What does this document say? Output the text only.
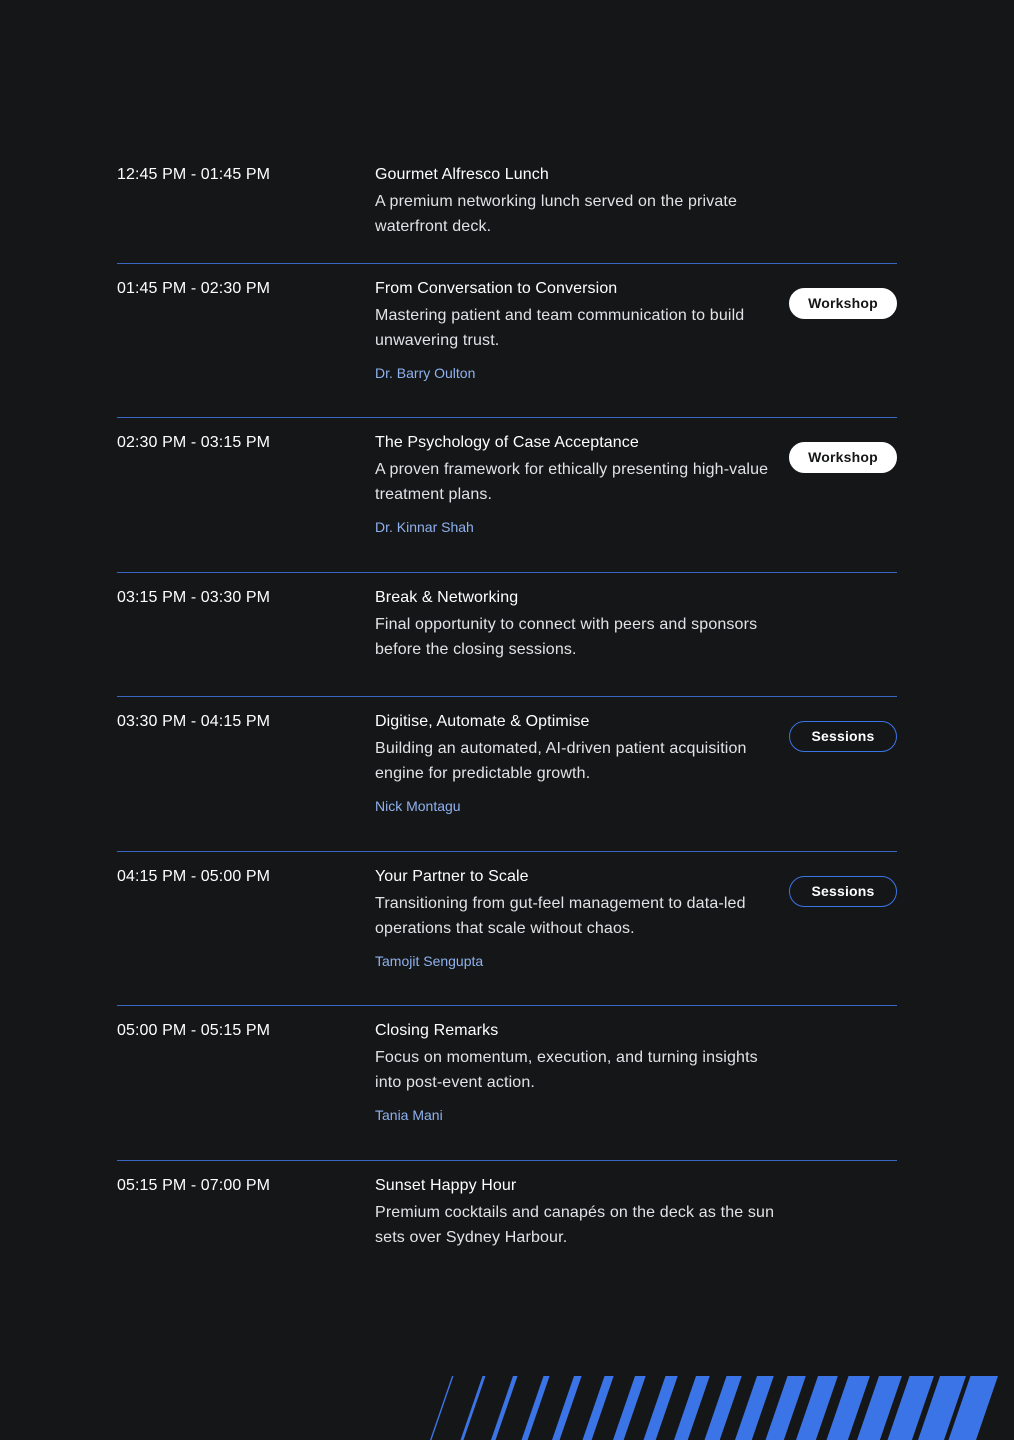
12:45 PM - 01:45 PM	Gourmet Alfresco Lunch
A premium networking lunch served on the private waterfront deck.
01:45 PM - 02:30 PM	From Conversation to Conversion
Mastering patient and team communication to build unwavering trust.
Dr. Barry Oulton
Workshop
02:30 PM - 03:15 PM	The Psychology of Case Acceptance
A proven framework for ethically presenting high-value treatment plans.
Dr. Kinnar Shah
Workshop
03:15 PM - 03:30 PM	Break & Networking
Final opportunity to connect with peers and sponsors before the closing sessions.
03:30 PM - 04:15 PM	Digitise, Automate & Optimise
Building an automated, AI-driven patient acquisition engine for predictable growth.
Nick Montagu
Sessions
04:15 PM - 05:00 PM	Your Partner to Scale
Transitioning from gut-feel management to data-led operations that scale without chaos.
Tamojit Sengupta
Sessions
05:00 PM - 05:15 PM	Closing Remarks
Focus on momentum, execution, and turning insights into post-event action.
Tania Mani
05:15 PM - 07:00 PM	Sunset Happy Hour
Premium cocktails and canapés on the deck as the sun sets over Sydney Harbour.
